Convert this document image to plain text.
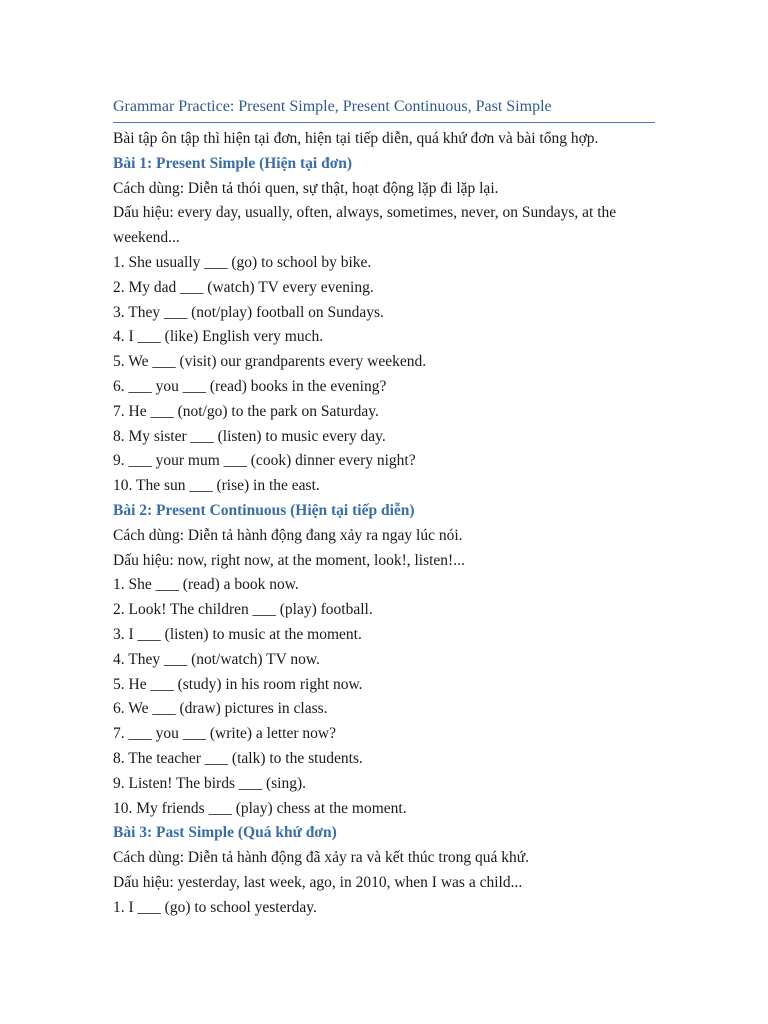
Grammar Practice: Present Simple, Present Continuous, Past Simple

Bài tập ôn tập thì hiện tại đơn, hiện tại tiếp diễn, quá khứ đơn và bài tổng hợp.

Bài 1: Present Simple (Hiện tại đơn)

Cách dùng: Diễn tả thói quen, sự thật, hoạt động lặp đi lặp lại.

Dấu hiệu: every day, usually, often, always, sometimes, never, on Sundays, at the weekend...

1. She usually ___ (go) to school by bike.

2. My dad ___ (watch) TV every evening.

3. They ___ (not/play) football on Sundays.

4. I ___ (like) English very much.

5. We ___ (visit) our grandparents every weekend.

6. ___ you ___ (read) books in the evening?

7. He ___ (not/go) to the park on Saturday.

8. My sister ___ (listen) to music every day.

9. ___ your mum ___ (cook) dinner every night?

10. The sun ___ (rise) in the east.

Bài 2: Present Continuous (Hiện tại tiếp diễn)

Cách dùng: Diễn tả hành động đang xảy ra ngay lúc nói.

Dấu hiệu: now, right now, at the moment, look!, listen!...

1. She ___ (read) a book now.

2. Look! The children ___ (play) football.

3. I ___ (listen) to music at the moment.

4. They ___ (not/watch) TV now.

5. He ___ (study) in his room right now.

6. We ___ (draw) pictures in class.

7. ___ you ___ (write) a letter now?

8. The teacher ___ (talk) to the students.

9. Listen! The birds ___ (sing).

10. My friends ___ (play) chess at the moment.

Bài 3: Past Simple (Quá khứ đơn)

Cách dùng: Diễn tả hành động đã xảy ra và kết thúc trong quá khứ.

Dấu hiệu: yesterday, last week, ago, in 2010, when I was a child...

1. I ___ (go) to school yesterday.
